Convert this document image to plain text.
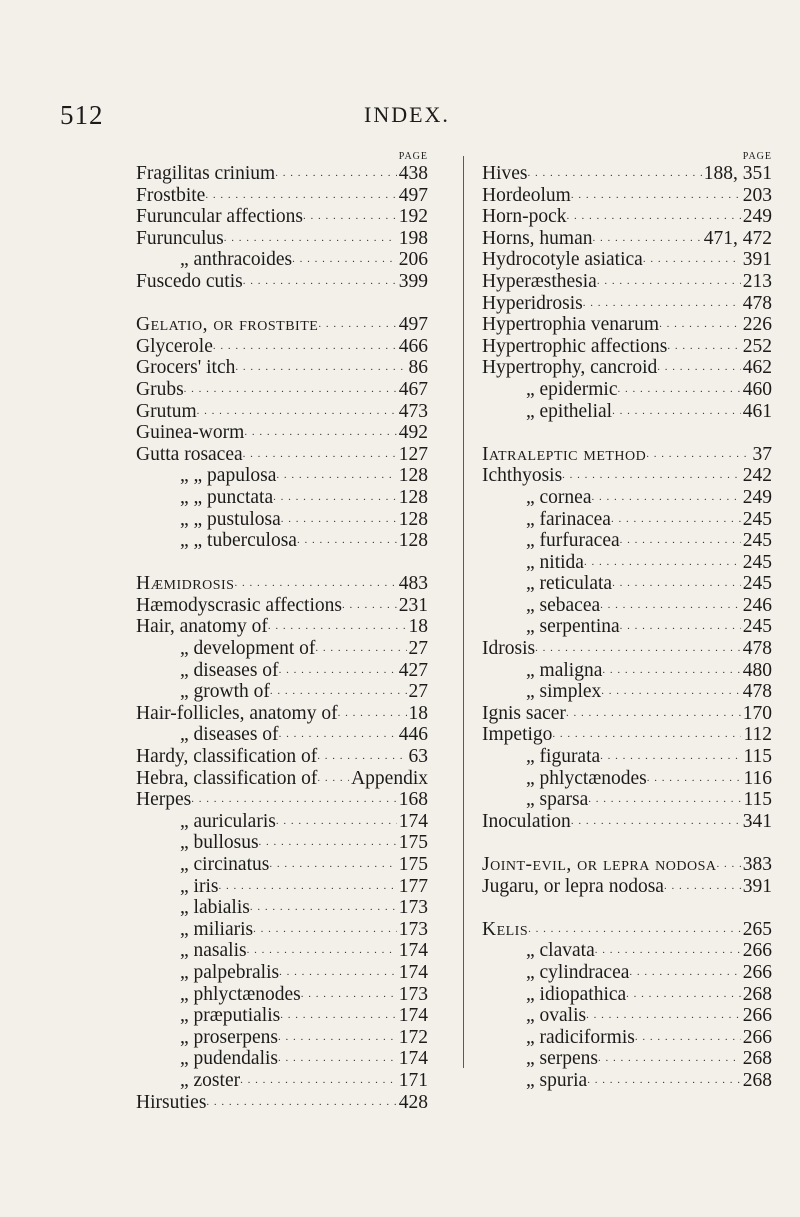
512	INDEX.
PAGE
Fragilitas crinium . . .	438
Frostbite . . .	497
Furuncular affections . . .	192
Furunculus . . .	198
„ anthracoides . . .	206
Fuscedo cutis . . .	399
Gelatio, or frostbite . . .	497
Glycerole . . .	466
Grocers' itch . . .	86
Grubs . . .	467
Grutum . . .	473
Guinea-worm . . .	492
Gutta rosacea . . .	127
„ „ papulosa . . .	128
„ „ punctata . . .	128
„ „ pustulosa . . .	128
„ „ tuberculosa . . .	128
Hæmidrosis . . .	483
Hæmodyscrasic affections . . .	231
Hair, anatomy of . . .	18
„ development of . . .	27
„ diseases of . . .	427
„ growth of . . .	27
Hair-follicles, anatomy of . . .	18
„ diseases of . . .	446
Hardy, classification of . . .	63
Hebra, classification of . . . Appendix
Herpes . . .	168
„ auricularis . . .	174
„ bullosus . . .	175
„ circinatus . . .	175
„ iris . . .	177
„ labialis . . .	173
„ miliaris . . .	173
„ nasalis . . .	174
„ palpebralis . . .	174
„ phlyctænodes . . .	173
„ præputialis . . .	174
„ proserpens . . .	172
„ pudendalis . . .	174
„ zoster . . .	171
Hirsuties . . .	428
PAGE
Hives . . .	188, 351
Hordeolum . . .	203
Horn-pock . . .	249
Horns, human . . .	471, 472
Hydrocotyle asiatica . . .	391
Hyperæsthesia . . .	213
Hyperidrosis . . .	478
Hypertrophia venarum . . .	226
Hypertrophic affections . . .	252
Hypertrophy, cancroid . . .	462
„ epidermic . . .	460
„ epithelial . . .	461
Iatraleptic method . . .	37
Ichthyosis . . .	242
„ cornea . . .	249
„ farinacea . . .	245
„ furfuracea . . .	245
„ nitida . . .	245
„ reticulata . . .	245
„ sebacea . . .	246
„ serpentina . . .	245
Idrosis . . .	478
„ maligna . . .	480
„ simplex . . .	478
Ignis sacer . . .	170
Impetigo . . .	112
„ figurata . . .	115
„ phlyctænodes . . .	116
„ sparsa . . .	115
Inoculation . . .	341
Joint-evil, or lepra nodosa . . . 383
Jugaru, or lepra nodosa . . .	391
Kelis . . .	265
„ clavata . . .	266
„ cylindracea . . .	266
„ idiopathica . . .	268
„ ovalis . . .	266
„ radiciformis . . .	266
„ serpens . . .	268
„ spuria . . .	268
